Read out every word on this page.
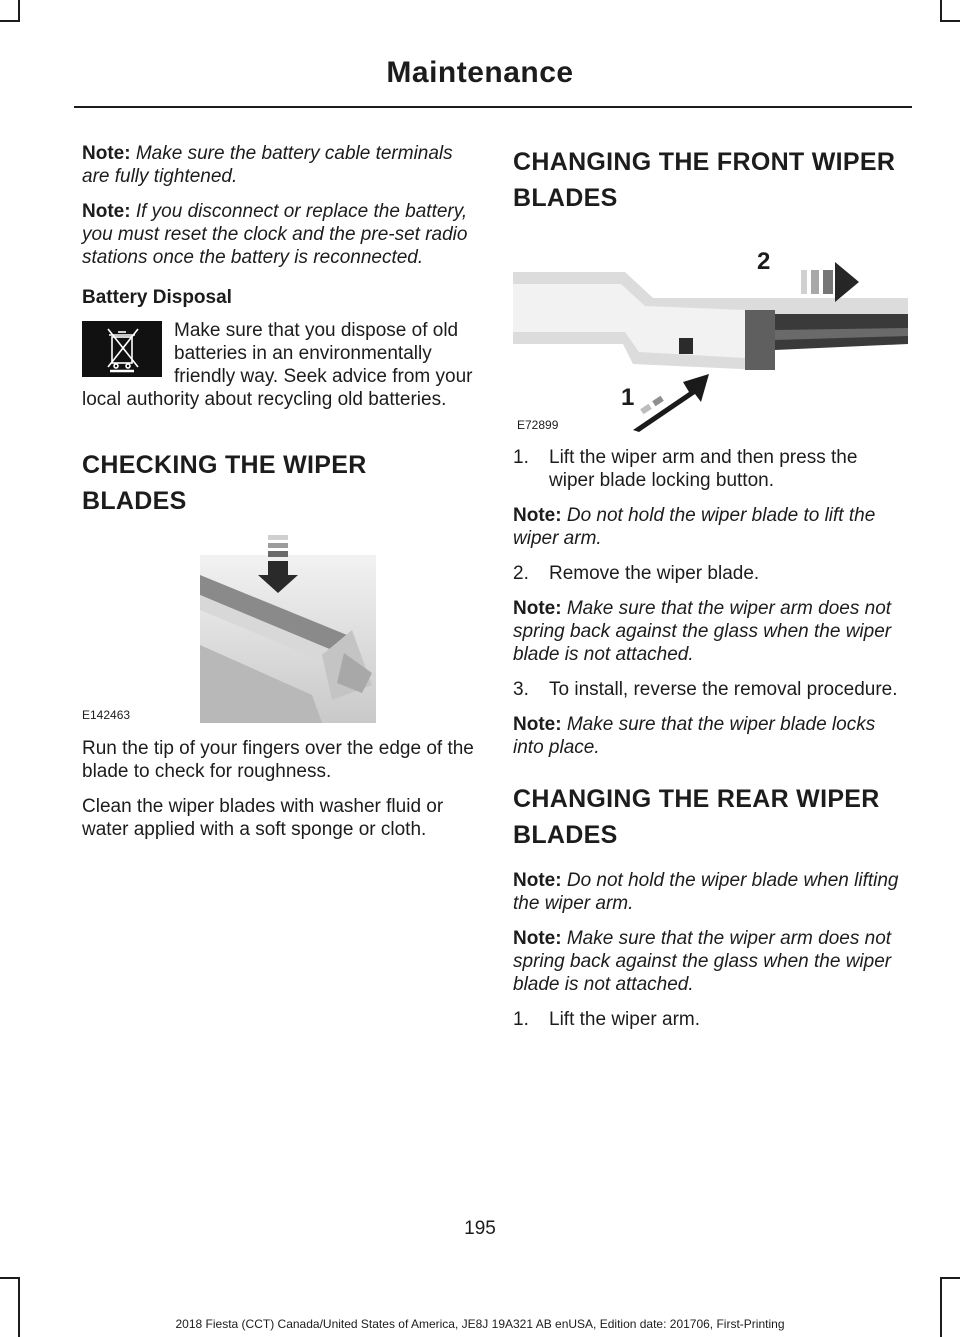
Maintenance

Note: Make sure the battery cable terminals are fully tightened.

Note: If you disconnect or replace the battery, you must reset the clock and the pre-set radio stations once the battery is reconnected.

Battery Disposal

Make sure that you dispose of old batteries in an environmentally friendly way. Seek advice from your local authority about recycling old batteries.

CHECKING THE WIPER
BLADES
E142463

Run the tip of your fingers over the edge of the blade to check for roughness.

Clean the wiper blades with washer fluid or water applied with a soft sponge or cloth.

CHANGING THE FRONT WIPER
BLADES
2
1
E72899
1. Lift the wiper arm and then press the wiper blade locking button.

Note: Do not hold the wiper blade to lift the wiper arm.

2. Remove the wiper blade.

Note: Make sure that the wiper arm does not spring back against the glass when the wiper blade is not attached.

3. To install, reverse the removal procedure.

Note: Make sure that the wiper blade locks into place.

CHANGING THE REAR WIPER
BLADES

Note: Do not hold the wiper blade when lifting the wiper arm.

Note: Make sure that the wiper arm does not spring back against the glass when the wiper blade is not attached.

1. Lift the wiper arm.
195
2018 Fiesta (CCT) Canada/United States of America, JE8J 19A321 AB enUSA, Edition date: 201706, First-Printing
